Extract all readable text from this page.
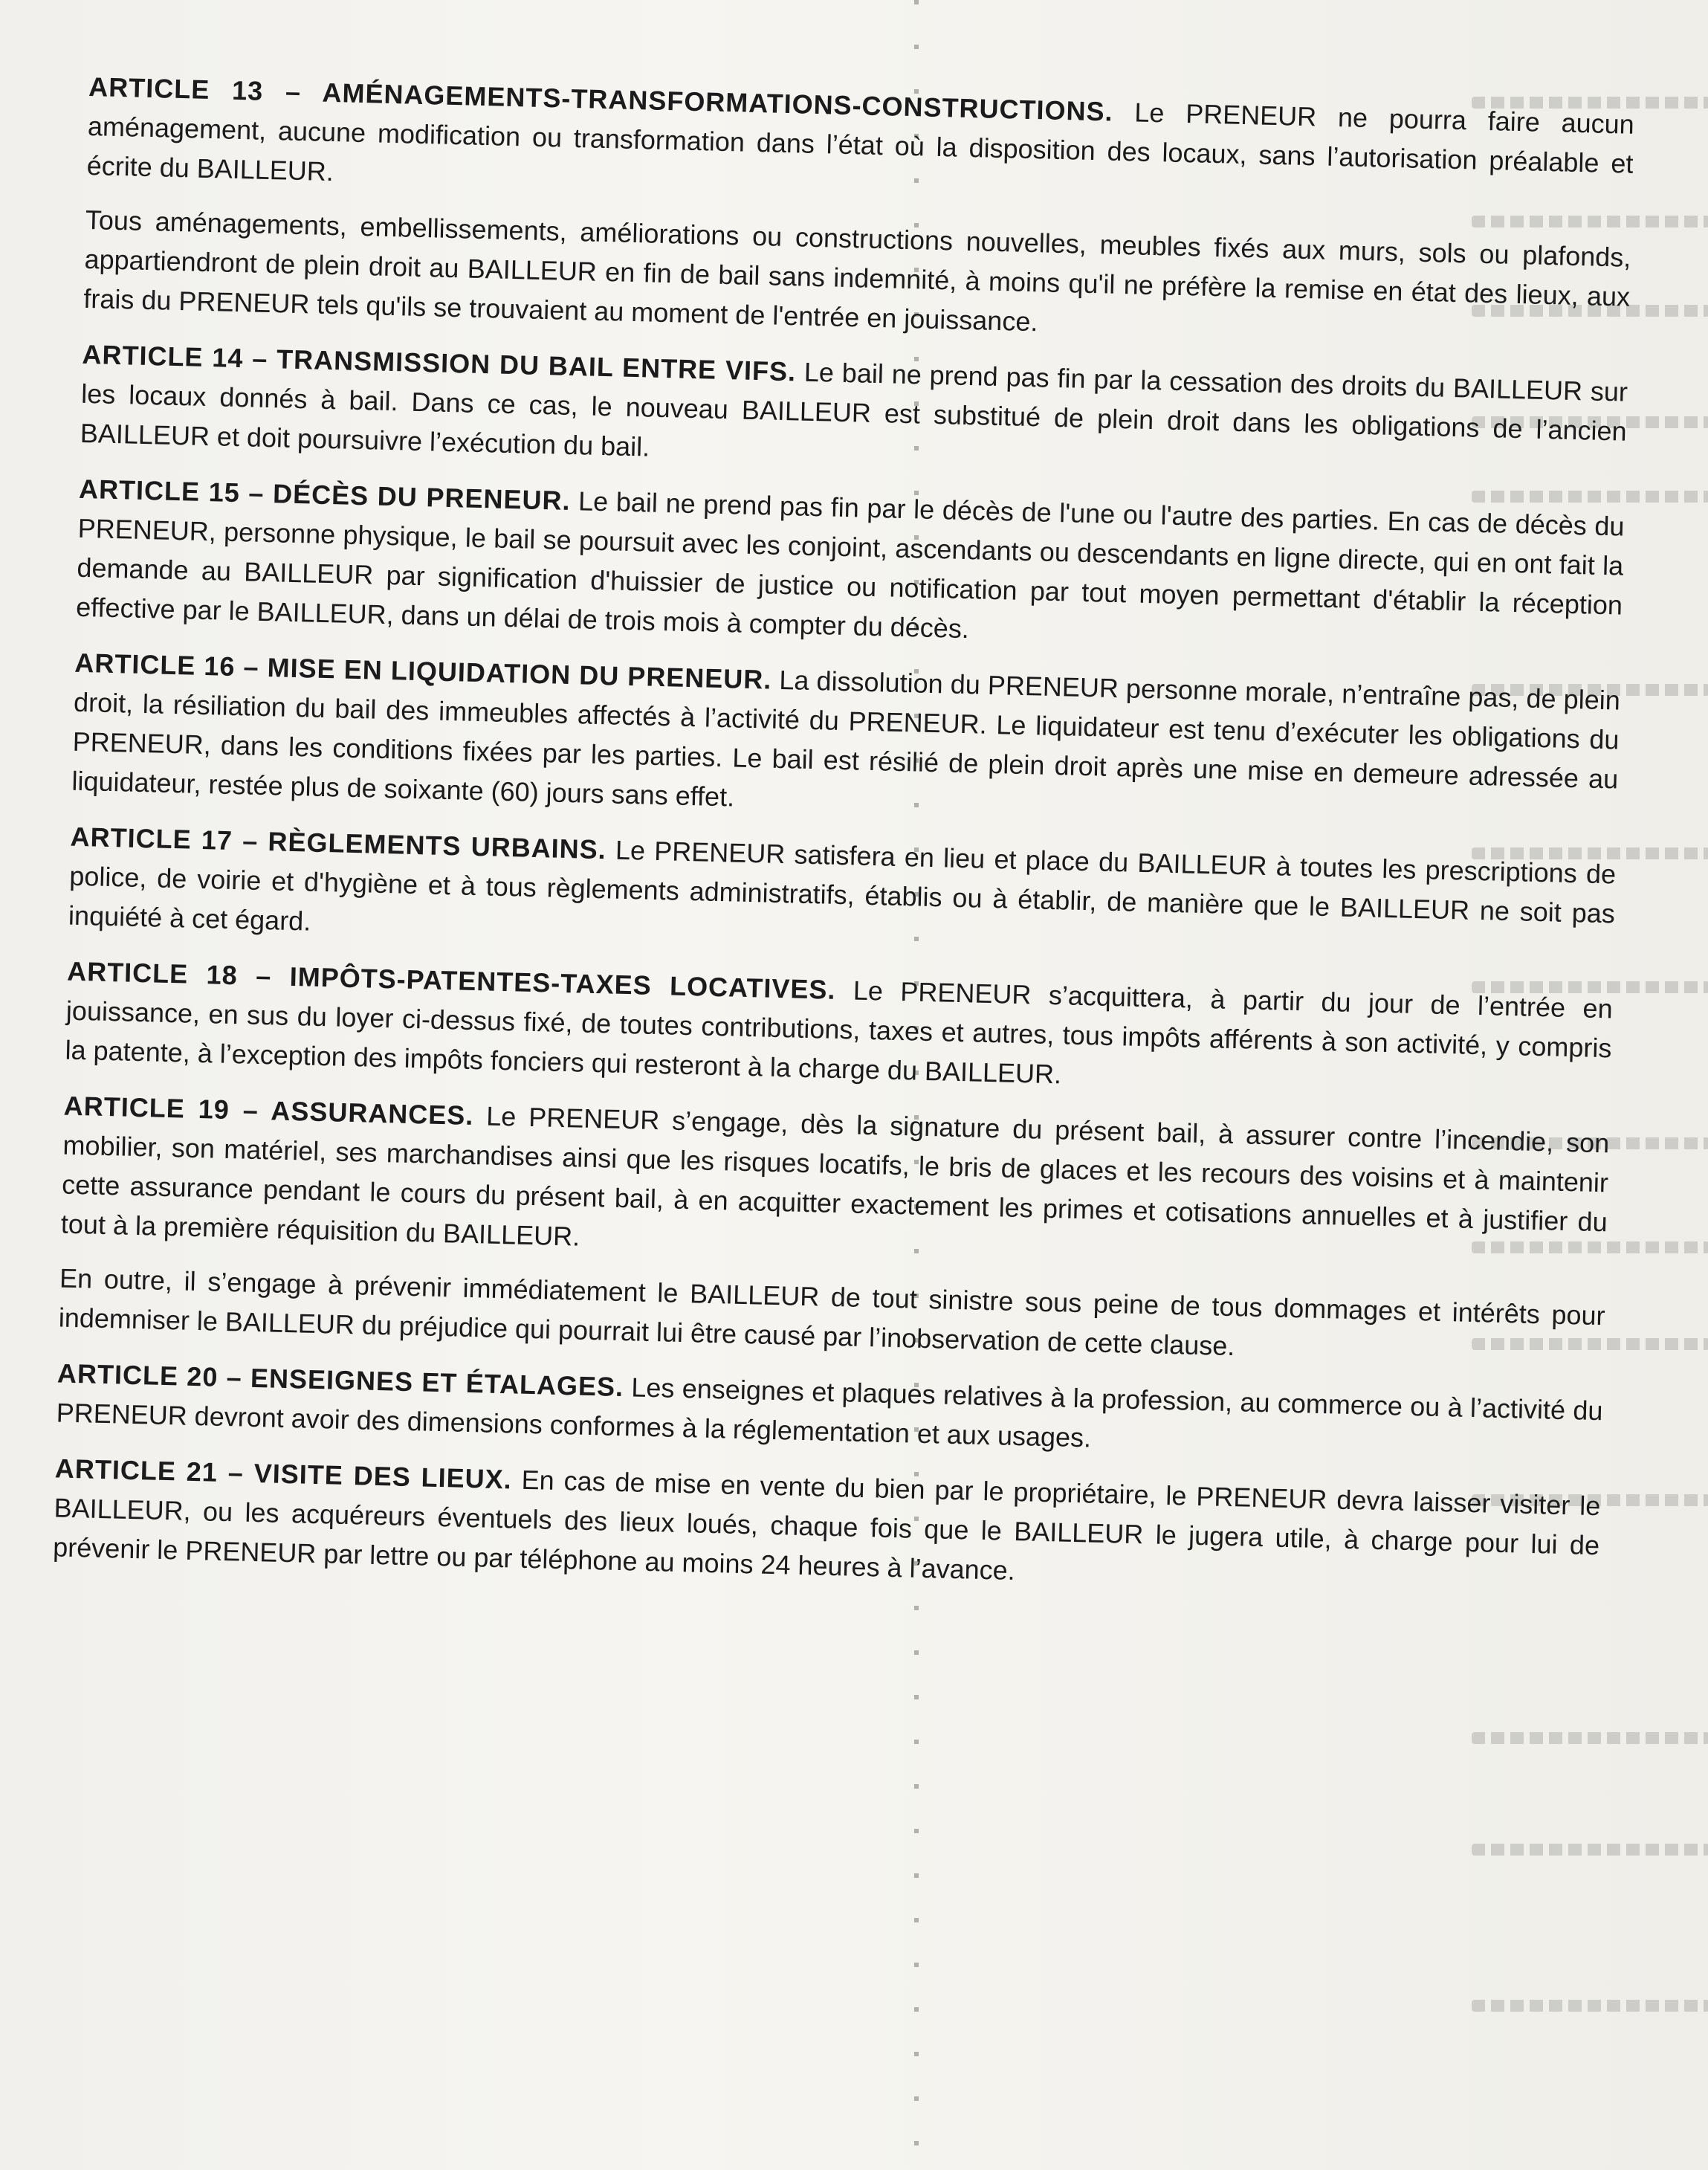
ARTICLE 13 – AMÉNAGEMENTS-TRANSFORMATIONS-CONSTRUCTIONS. Le PRENEUR ne pourra faire aucun aménagement, aucune modification ou transformation dans l’état où la disposition des locaux, sans l’autorisation préalable et écrite du BAILLEUR.

Tous aménagements, embellissements, améliorations ou constructions nouvelles, meubles fixés aux murs, sols ou plafonds, appartiendront de plein droit au BAILLEUR en fin de bail sans indemnité, à moins qu'il ne préfère la remise en état des lieux, aux frais du PRENEUR tels qu'ils se trouvaient au moment de l'entrée en jouissance.

ARTICLE 14 – TRANSMISSION DU BAIL ENTRE VIFS. Le bail ne prend pas fin par la cessation des droits du BAILLEUR sur les locaux donnés à bail. Dans ce cas, le nouveau BAILLEUR est substitué de plein droit dans les obligations de l’ancien BAILLEUR et doit poursuivre l’exécution du bail.

ARTICLE 15 – DÉCÈS DU PRENEUR. Le bail ne prend pas fin par le décès de l'une ou l'autre des parties. En cas de décès du PRENEUR, personne physique, le bail se poursuit avec les conjoint, ascendants ou descendants en ligne directe, qui en ont fait la demande au BAILLEUR par signification d'huissier de justice ou notification par tout moyen permettant d'établir la réception effective par le BAILLEUR, dans un délai de trois mois à compter du décès.

ARTICLE 16 – MISE EN LIQUIDATION DU PRENEUR. La dissolution du PRENEUR personne morale, n’entraîne pas, de plein droit, la résiliation du bail des immeubles affectés à l’activité du PRENEUR. Le liquidateur est tenu d’exécuter les obligations du PRENEUR, dans les conditions fixées par les parties. Le bail est résilié de plein droit après une mise en demeure adressée au liquidateur, restée plus de soixante (60) jours sans effet.

ARTICLE 17 – RÈGLEMENTS URBAINS. Le PRENEUR satisfera en lieu et place du BAILLEUR à toutes les prescriptions de police, de voirie et d'hygiène et à tous règlements administratifs, établis ou à établir, de manière que le BAILLEUR ne soit pas inquiété à cet égard.

ARTICLE 18 – IMPÔTS-PATENTES-TAXES LOCATIVES. Le PRENEUR s’acquittera, à partir du jour de l’entrée en jouissance, en sus du loyer ci-dessus fixé, de toutes contributions, taxes et autres, tous impôts afférents à son activité, y compris la patente, à l’exception des impôts fonciers qui resteront à la charge du BAILLEUR.

ARTICLE 19 – ASSURANCES. Le PRENEUR s’engage, dès la signature du présent bail, à assurer contre l’incendie, son mobilier, son matériel, ses marchandises ainsi que les risques locatifs, le bris de glaces et les recours des voisins et à maintenir cette assurance pendant le cours du présent bail, à en acquitter exactement les primes et cotisations annuelles et à justifier du tout à la première réquisition du BAILLEUR.

En outre, il s’engage à prévenir immédiatement le BAILLEUR de tout sinistre sous peine de tous dommages et intérêts pour indemniser le BAILLEUR du préjudice qui pourrait lui être causé par l’inobservation de cette clause.

ARTICLE 20 – ENSEIGNES ET ÉTALAGES. Les enseignes et plaques relatives à la profession, au commerce ou à l’activité du PRENEUR devront avoir des dimensions conformes à la réglementation et aux usages.

ARTICLE 21 – VISITE DES LIEUX. En cas de mise en vente du bien par le propriétaire, le PRENEUR devra laisser visiter le BAILLEUR, ou les acquéreurs éventuels des lieux loués, chaque fois que le BAILLEUR le jugera utile, à charge pour lui de prévenir le PRENEUR par lettre ou par téléphone au moins 24 heures à l’avance.
